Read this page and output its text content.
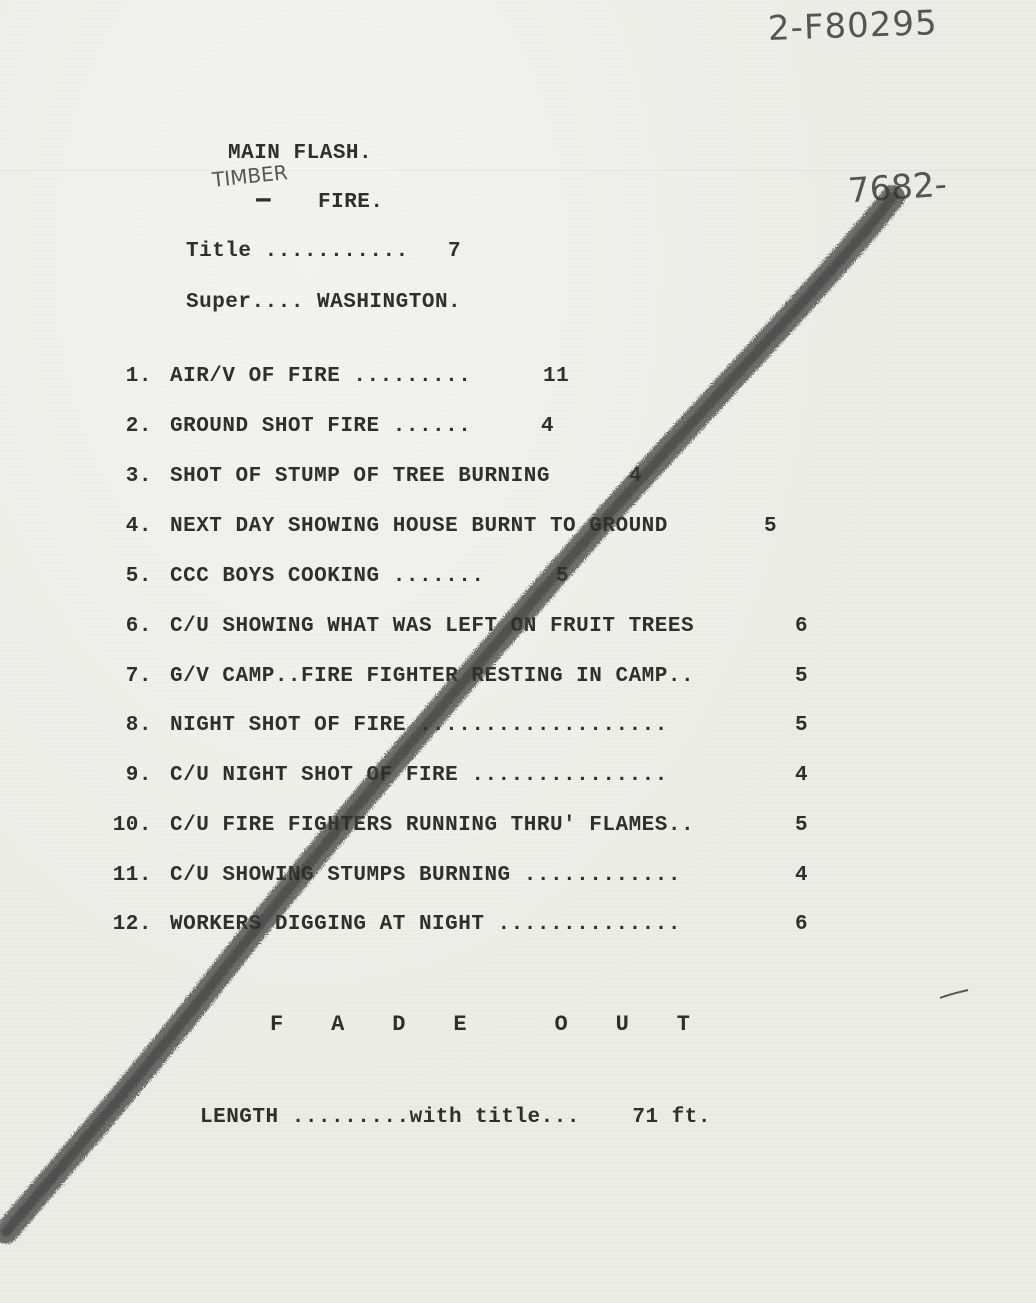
2-F80295
7682-
TIMBER
MAIN FLASH.
▬▬ FIRE.
Title ...........   7
Super.... WASHINGTON.
1. AIR/V OF FIRE .........	11
2. GROUND SHOT FIRE ......	4
3. SHOT OF STUMP OF TREE BURNING	4
4. NEXT DAY SHOWING HOUSE BURNT TO GROUND	5
5. CCC BOYS COOKING .......	5
6. C/U SHOWING WHAT WAS LEFT ON FRUIT TREES	6
7. G/V CAMP..FIRE FIGHTER RESTING IN CAMP..	5
8. NIGHT SHOT OF FIRE ...................	5
9. C/U NIGHT SHOT OF FIRE ...............	4
10. C/U FIRE FIGHTERS RUNNING THRU' FLAMES..	5
11. C/U SHOWING STUMPS BURNING ............	4
12. WORKERS DIGGING AT NIGHT ..............	6
F A D E	O U T
LENGTH .........with title...    71 ft.
